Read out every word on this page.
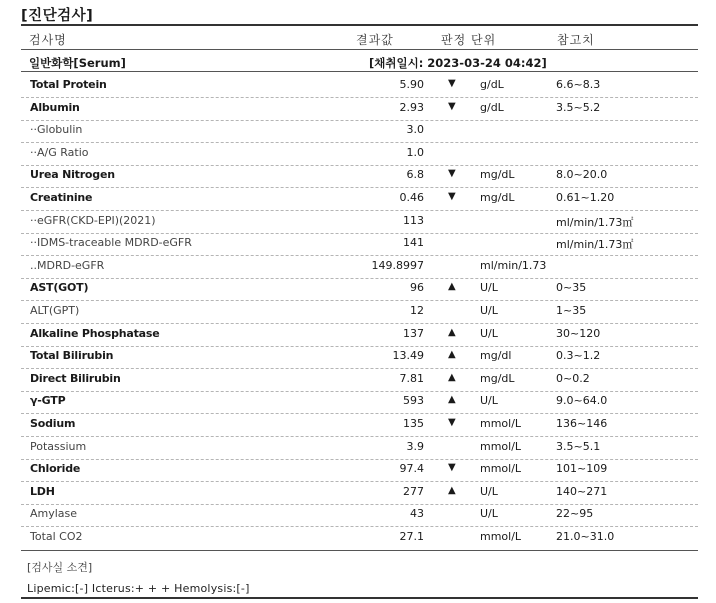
[진단검사]
검사명	결과값	판정 단위	참고치
일반화학[Serum]	[채취일시: 2023-03-24 04:42]
Total Protein	5.90 ▼ g/dL	6.6~8.3
Albumin	2.93 ▼ g/dL	3.5~5.2
··Globulin	3.0
··A/G Ratio	1.0
Urea Nitrogen	6.8 ▼ mg/dL	8.0~20.0
Creatinine	0.46 ▼ mg/dL	0.61~1.20
··eGFR(CKD-EPI)(2021)	113	ml/min/1.73㎡
··IDMS-traceable MDRD-eGFR	141	ml/min/1.73㎡
..MDRD-eGFR	149.8997	ml/min/1.73
AST(GOT)	96 ▲ U/L	0~35
ALT(GPT)	12	U/L	1~35
Alkaline Phosphatase	137 ▲ U/L	30~120
Total Bilirubin	13.49 ▲ mg/dl	0.3~1.2
Direct Bilirubin	7.81 ▲ mg/dL	0~0.2
γ-GTP	593 ▲ U/L	9.0~64.0
Sodium	135 ▼ mmol/L	136~146
Potassium	3.9	mmol/L	3.5~5.1
Chloride	97.4 ▼ mmol/L	101~109
LDH	277 ▲ U/L	140~271
Amylase	43	U/L	22~95
Total CO2	27.1	mmol/L	21.0~31.0
[검사실 소견]
Lipemic:[-] Icterus:+ + + Hemolysis:[-]
